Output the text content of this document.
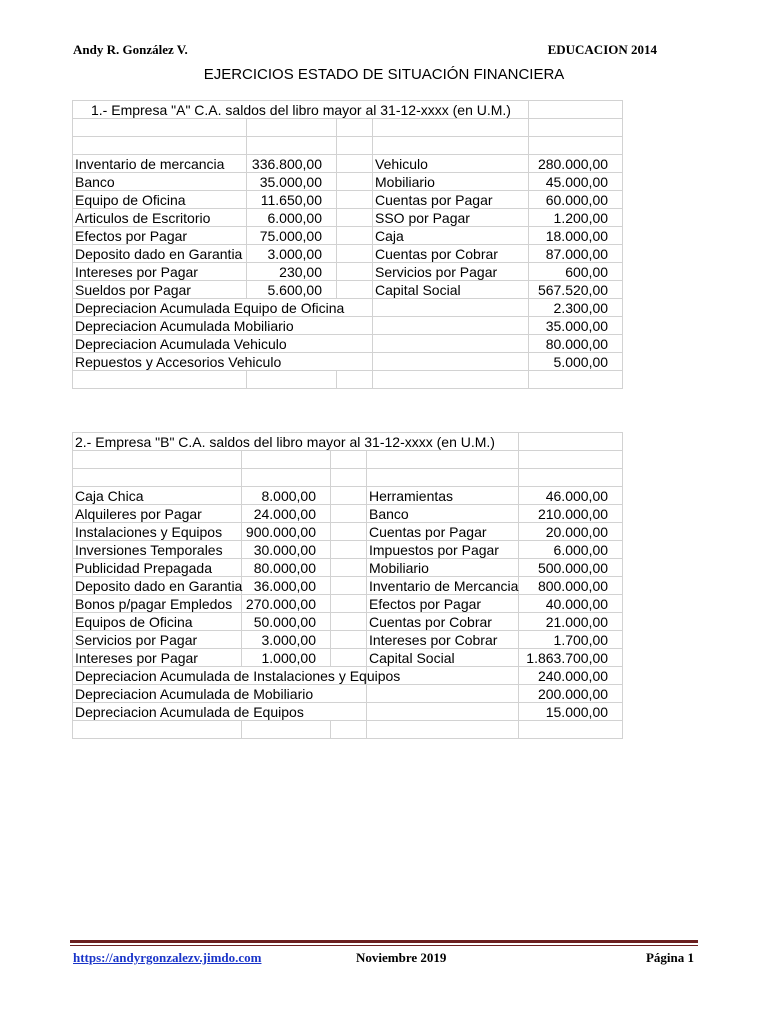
Andy R. González V.	EDUCACION 2014
EJERCICIOS ESTADO DE SITUACIÓN FINANCIERA
1.- Empresa "A" C.A. saldos del libro mayor al 31-12-xxxx (en U.M.)				

Inventario de mercancia	336.800,00		Vehiculo	280.000,00
Banco	35.000,00		Mobiliario	45.000,00
Equipo de Oficina	11.650,00		Cuentas por Pagar	60.000,00
Articulos de Escritorio	6.000,00		SSO por Pagar	1.200,00
Efectos por Pagar	75.000,00		Caja	18.000,00
Deposito dado en Garantia	3.000,00		Cuentas por Cobrar	87.000,00
Intereses por Pagar	230,00		Servicios por Pagar	600,00
Sueldos por Pagar	5.600,00		Capital Social	567.520,00
Depreciacion Acumulada Equipo de Oficina				2.300,00
Depreciacion Acumulada Mobiliario				35.000,00
Depreciacion Acumulada Vehiculo				80.000,00
Repuestos y Accesorios Vehiculo				5.000,00

2.- Empresa "B" C.A. saldos del libro mayor al 31-12-xxxx (en U.M.)				

Caja Chica	8.000,00		Herramientas	46.000,00
Alquileres por Pagar	24.000,00		Banco	210.000,00
Instalaciones y Equipos	900.000,00		Cuentas por Pagar	20.000,00
Inversiones Temporales	30.000,00		Impuestos por Pagar	6.000,00
Publicidad Prepagada	80.000,00		Mobiliario	500.000,00
Deposito dado en Garantia	36.000,00		Inventario de Mercancia	800.000,00
Bonos p/pagar Empledos	270.000,00		Efectos por Pagar	40.000,00
Equipos de Oficina	50.000,00		Cuentas por Cobrar	21.000,00
Servicios por Pagar	3.000,00		Intereses por Cobrar	1.700,00
Intereses por Pagar	1.000,00		Capital Social	1.863.700,00
Depreciacion Acumulada de Instalaciones y Equipos				240.000,00
Depreciacion Acumulada de Mobiliario				200.000,00
Depreciacion Acumulada de Equipos				15.000,00

https://andyrgonzalezv.jimdo.com	Noviembre 2019	Página 1
